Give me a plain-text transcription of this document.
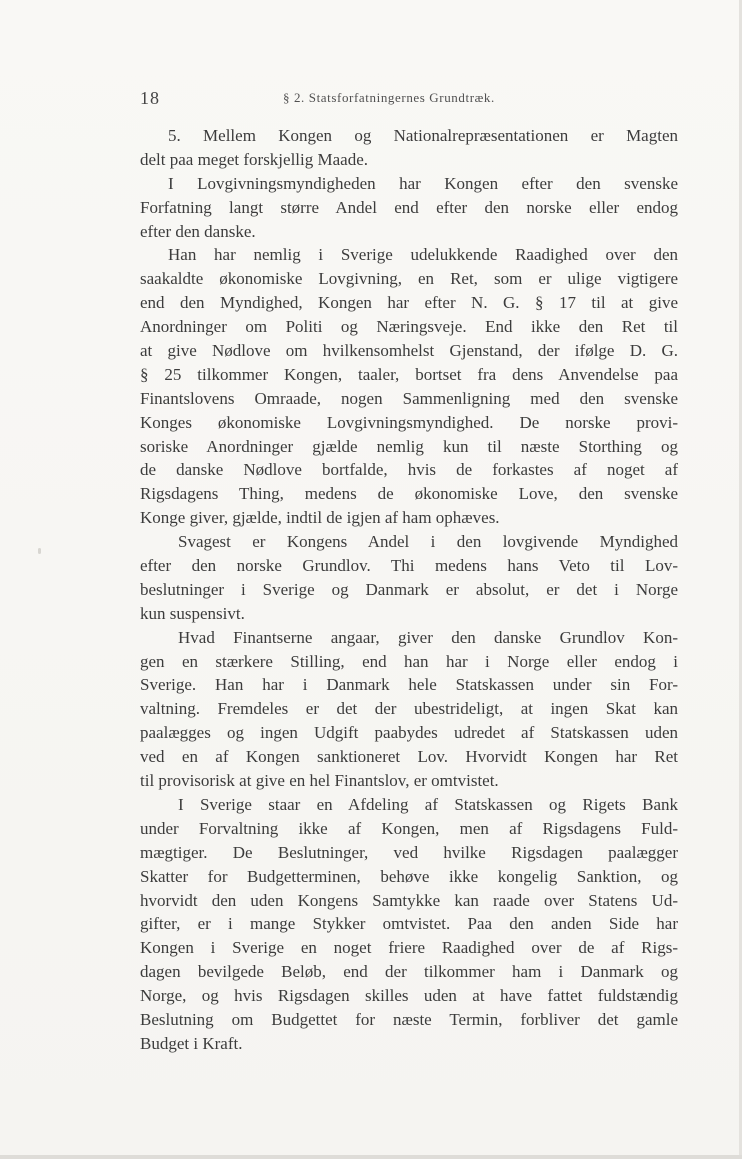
18	§ 2. Statsforfatningernes Grundtræk.
5. Mellem Kongen og Nationalrepræsentationen er Magten
delt paa meget forskjellig Maade.
I Lovgivningsmyndigheden har Kongen efter den svenske
Forfatning langt større Andel end efter den norske eller endog
efter den danske.
Han har nemlig i Sverige udelukkende Raadighed over den
saakaldte økonomiske Lovgivning, en Ret, som er ulige vigtigere
end den Myndighed, Kongen har efter N. G. § 17 til at give
Anordninger om Politi og Næringsveje. End ikke den Ret til
at give Nødlove om hvilkensomhelst Gjenstand, der ifølge D. G.
§ 25 tilkommer Kongen, taaler, bortset fra dens Anvendelse paa
Finantslovens Omraade, nogen Sammenligning med den svenske
Konges økonomiske Lovgivningsmyndighed. De norske provi-
soriske Anordninger gjælde nemlig kun til næste Storthing og
de danske Nødlove bortfalde, hvis de forkastes af noget af
Rigsdagens Thing, medens de økonomiske Love, den svenske
Konge giver, gjælde, indtil de igjen af ham ophæves.
Svagest er Kongens Andel i den lovgivende Myndighed
efter den norske Grundlov. Thi medens hans Veto til Lov-
beslutninger i Sverige og Danmark er absolut, er det i Norge
kun suspensivt.
Hvad Finantserne angaar, giver den danske Grundlov Kon-
gen en stærkere Stilling, end han har i Norge eller endog i
Sverige. Han har i Danmark hele Statskassen under sin For-
valtning. Fremdeles er det der ubestrideligt, at ingen Skat kan
paalægges og ingen Udgift paabydes udredet af Statskassen uden
ved en af Kongen sanktioneret Lov. Hvorvidt Kongen har Ret
til provisorisk at give en hel Finantslov, er omtvistet.
I Sverige staar en Afdeling af Statskassen og Rigets Bank
under Forvaltning ikke af Kongen, men af Rigsdagens Fuld-
mægtiger. De Beslutninger, ved hvilke Rigsdagen paalægger
Skatter for Budgetterminen, behøve ikke kongelig Sanktion, og
hvorvidt den uden Kongens Samtykke kan raade over Statens Ud-
gifter, er i mange Stykker omtvistet. Paa den anden Side har
Kongen i Sverige en noget friere Raadighed over de af Rigs-
dagen bevilgede Beløb, end der tilkommer ham i Danmark og
Norge, og hvis Rigsdagen skilles uden at have fattet fuldstændig
Beslutning om Budgettet for næste Termin, forbliver det gamle
Budget i Kraft.
